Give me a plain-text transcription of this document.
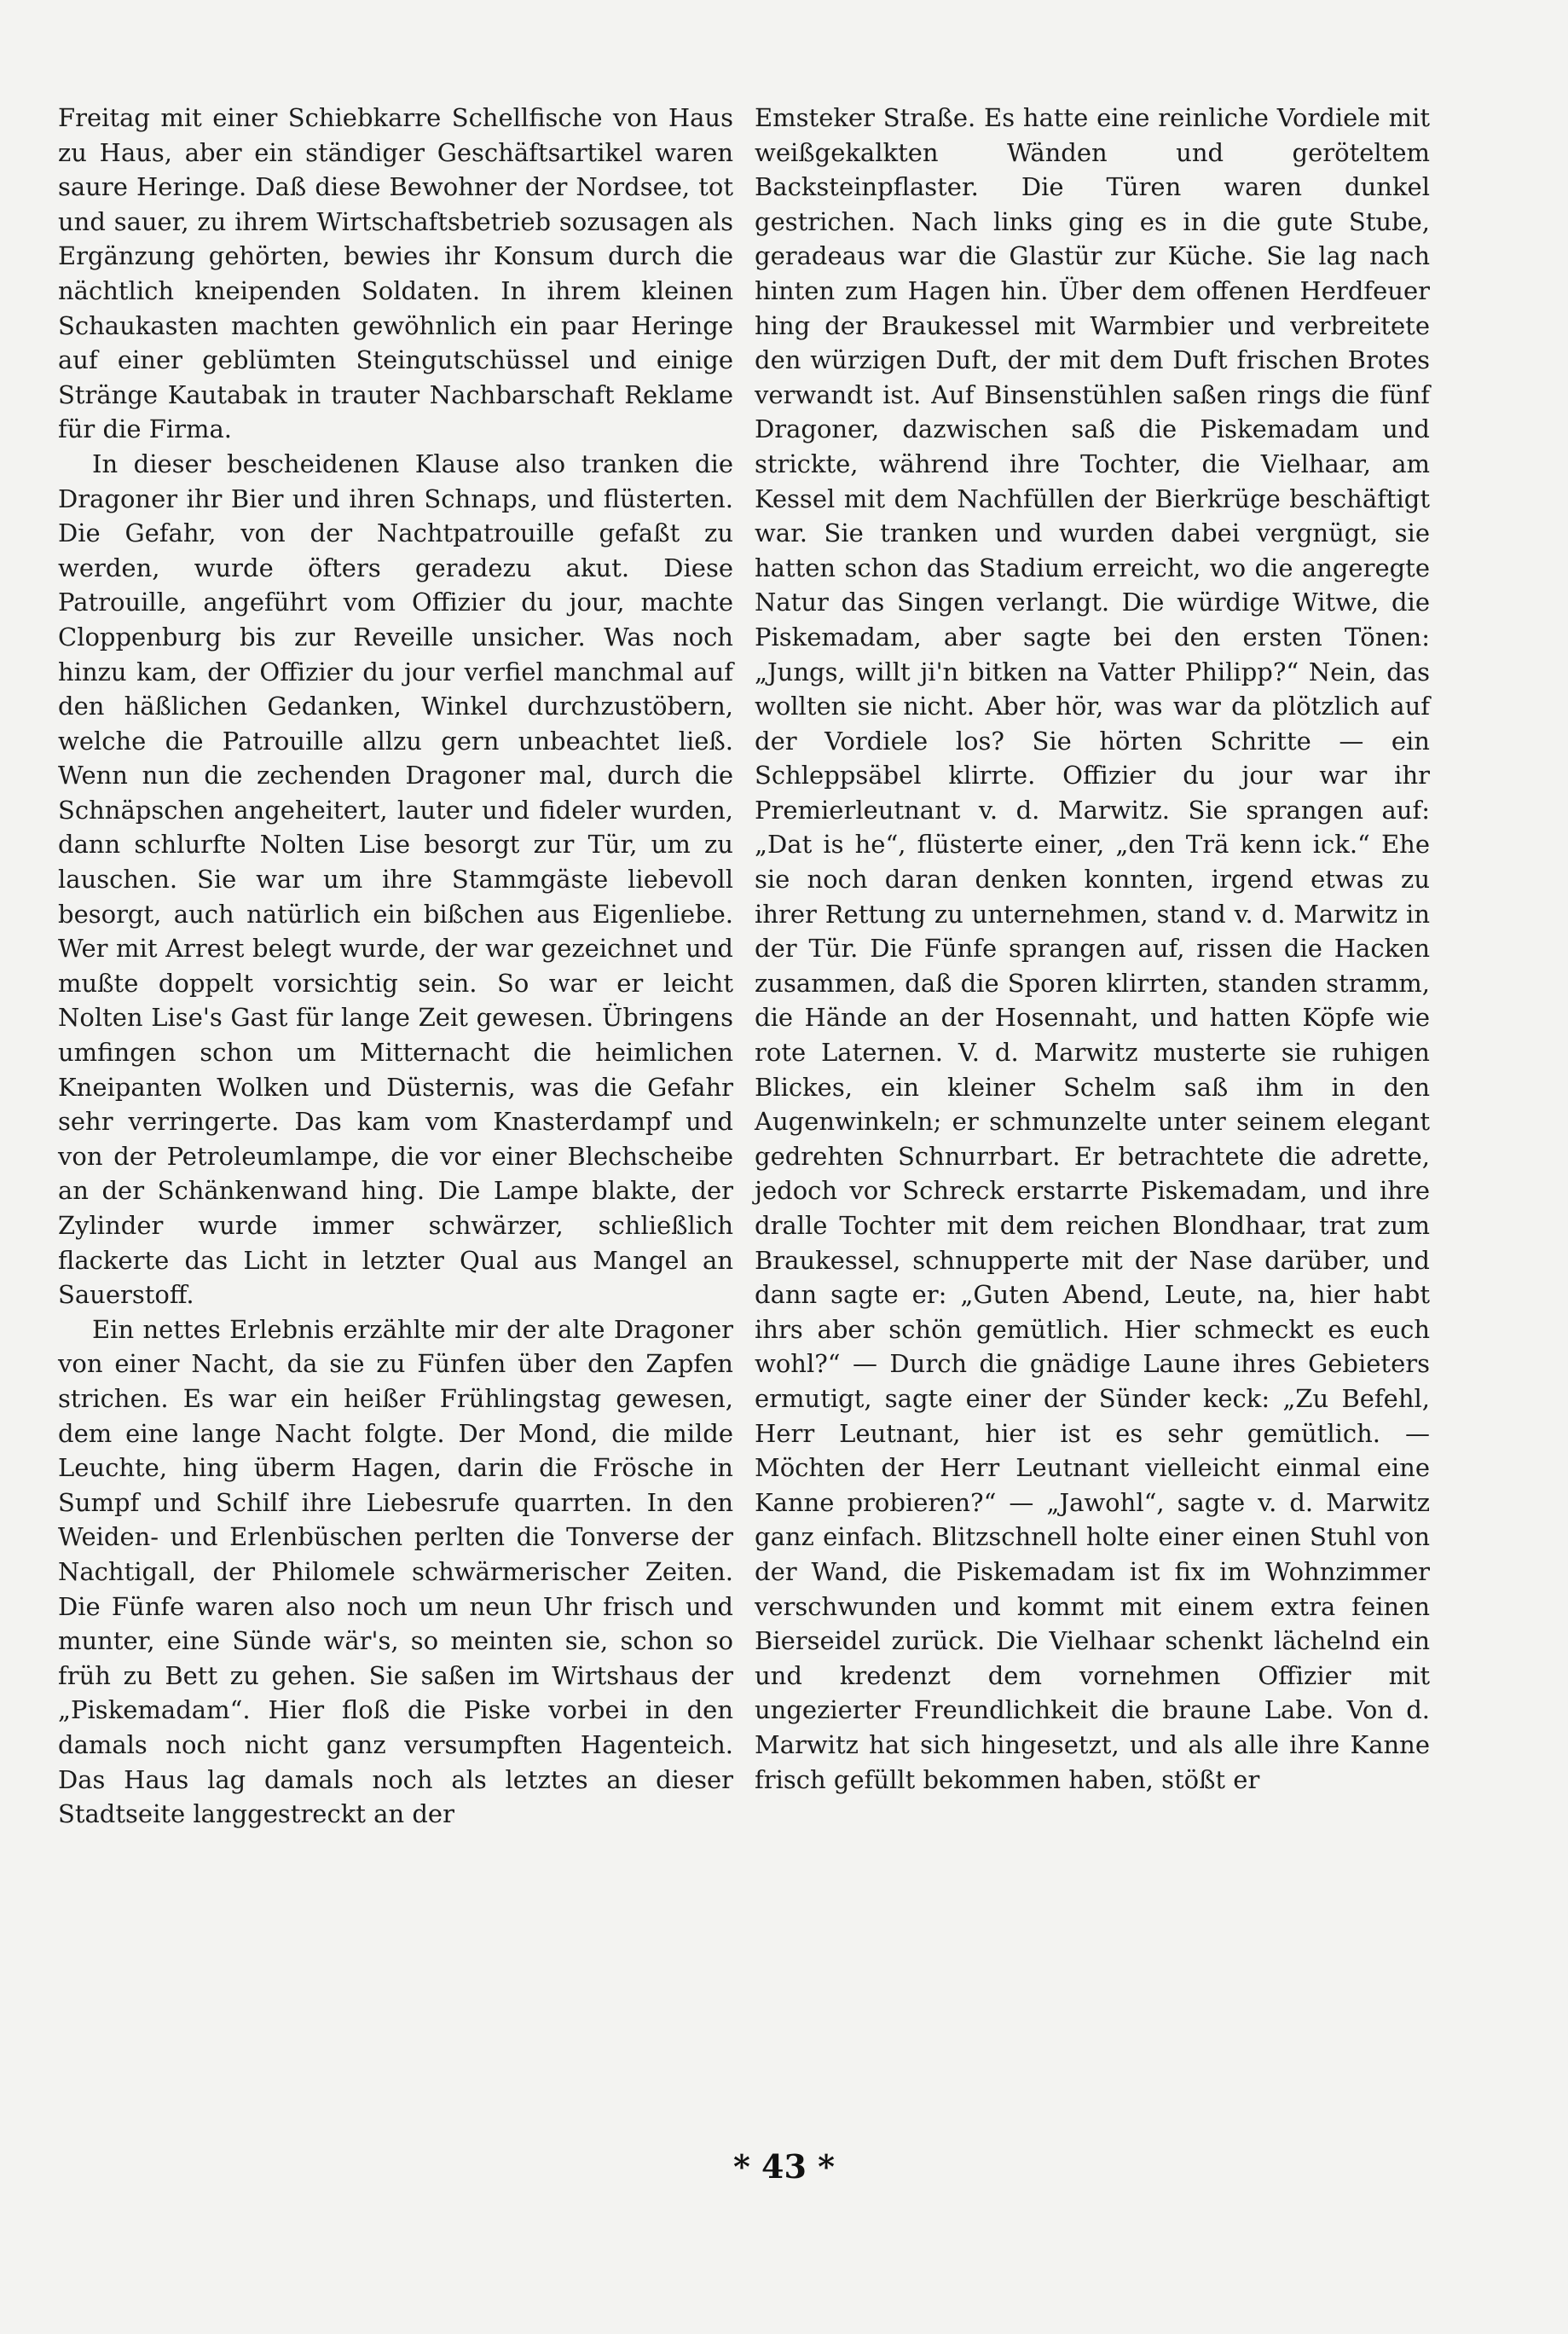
Freitag mit einer Schiebkarre Schellfische von Haus zu Haus, aber ein ständiger Geschäftsartikel waren saure Heringe. Daß diese Bewohner der Nordsee, tot und sauer, zu ihrem Wirtschaftsbetrieb sozusagen als Ergänzung gehörten, bewies ihr Konsum durch die nächtlich kneipenden Soldaten. In ihrem kleinen Schaukasten machten gewöhnlich ein paar Heringe auf einer geblümten Steingutschüssel und einige Stränge Kautabak in trauter Nachbarschaft Reklame für die Firma.

In dieser bescheidenen Klause also tranken die Dragoner ihr Bier und ihren Schnaps, und flüsterten. Die Gefahr, von der Nachtpatrouille gefaßt zu werden, wurde öfters geradezu akut. Diese Patrouille, angeführt vom Offizier du jour, machte Cloppenburg bis zur Reveille unsicher. Was noch hinzu kam, der Offizier du jour verfiel manchmal auf den häßlichen Gedanken, Winkel durchzustöbern, welche die Patrouille allzu gern unbeachtet ließ. Wenn nun die zechenden Dragoner mal, durch die Schnäpschen angeheitert, lauter und fideler wurden, dann schlurfte Nolten Lise besorgt zur Tür, um zu lauschen. Sie war um ihre Stammgäste liebevoll besorgt, auch natürlich ein bißchen aus Eigenliebe. Wer mit Arrest belegt wurde, der war gezeichnet und mußte doppelt vorsichtig sein. So war er leicht Nolten Lise's Gast für lange Zeit gewesen. Übringens umfingen schon um Mitternacht die heimlichen Kneipanten Wolken und Düsternis, was die Gefahr sehr verringerte. Das kam vom Knasterdampf und von der Petroleumlampe, die vor einer Blechscheibe an der Schänkenwand hing. Die Lampe blakte, der Zylinder wurde immer schwärzer, schließlich flackerte das Licht in letzter Qual aus Mangel an Sauerstoff.

Ein nettes Erlebnis erzählte mir der alte Dragoner von einer Nacht, da sie zu Fünfen über den Zapfen strichen. Es war ein heißer Frühlingstag gewesen, dem eine lange Nacht folgte. Der Mond, die milde Leuchte, hing überm Hagen, darin die Frösche in Sumpf und Schilf ihre Liebesrufe quarrten. In den Weiden- und Erlenbüschen perlten die Tonverse der Nachtigall, der Philomele schwärmerischer Zeiten. Die Fünfe waren also noch um neun Uhr frisch und munter, eine Sünde wär's, so meinten sie, schon so früh zu Bett zu gehen. Sie saßen im Wirtshaus der „Piskemadam“. Hier floß die Piske vorbei in den damals noch nicht ganz versumpften Hagenteich. Das Haus lag damals noch als letztes an dieser Stadtseite langgestreckt an der

Emsteker Straße. Es hatte eine reinliche Vordiele mit weißgekalkten Wänden und geröteltem Backsteinpflaster. Die Türen waren dunkel gestrichen. Nach links ging es in die gute Stube, geradeaus war die Glastür zur Küche. Sie lag nach hinten zum Hagen hin. Über dem offenen Herdfeuer hing der Braukessel mit Warmbier und verbreitete den würzigen Duft, der mit dem Duft frischen Brotes verwandt ist. Auf Binsenstühlen saßen rings die fünf Dragoner, dazwischen saß die Piskemadam und strickte, während ihre Tochter, die Vielhaar, am Kessel mit dem Nachfüllen der Bierkrüge beschäftigt war. Sie tranken und wurden dabei vergnügt, sie hatten schon das Stadium erreicht, wo die angeregte Natur das Singen verlangt. Die würdige Witwe, die Piskemadam, aber sagte bei den ersten Tönen: „Jungs, willt ji'n bitken na Vatter Philipp?“ Nein, das wollten sie nicht. Aber hör, was war da plötzlich auf der Vordiele los? Sie hörten Schritte — ein Schleppsäbel klirrte. Offizier du jour war ihr Premierleutnant v. d. Marwitz. Sie sprangen auf: „Dat is he“, flüsterte einer, „den Trä kenn ick.“ Ehe sie noch daran denken konnten, irgend etwas zu ihrer Rettung zu unternehmen, stand v. d. Marwitz in der Tür. Die Fünfe sprangen auf, rissen die Hacken zusammen, daß die Sporen klirrten, standen stramm, die Hände an der Hosennaht, und hatten Köpfe wie rote Laternen. V. d. Marwitz musterte sie ruhigen Blickes, ein kleiner Schelm saß ihm in den Augenwinkeln; er schmunzelte unter seinem elegant gedrehten Schnurrbart. Er betrachtete die adrette, jedoch vor Schreck erstarrte Piskemadam, und ihre dralle Tochter mit dem reichen Blondhaar, trat zum Braukessel, schnupperte mit der Nase darüber, und dann sagte er: „Guten Abend, Leute, na, hier habt ihrs aber schön gemütlich. Hier schmeckt es euch wohl?“ — Durch die gnädige Laune ihres Gebieters ermutigt, sagte einer der Sünder keck: „Zu Befehl, Herr Leutnant, hier ist es sehr gemütlich. — Möchten der Herr Leutnant vielleicht einmal eine Kanne probieren?“ — „Jawohl“, sagte v. d. Marwitz ganz einfach. Blitzschnell holte einer einen Stuhl von der Wand, die Piskemadam ist fix im Wohnzimmer verschwunden und kommt mit einem extra feinen Bierseidel zurück. Die Vielhaar schenkt lächelnd ein und kredenzt dem vornehmen Offizier mit ungezierter Freundlichkeit die braune Labe. Von d. Marwitz hat sich hingesetzt, und als alle ihre Kanne frisch gefüllt bekommen haben, stößt er

* 43 *
